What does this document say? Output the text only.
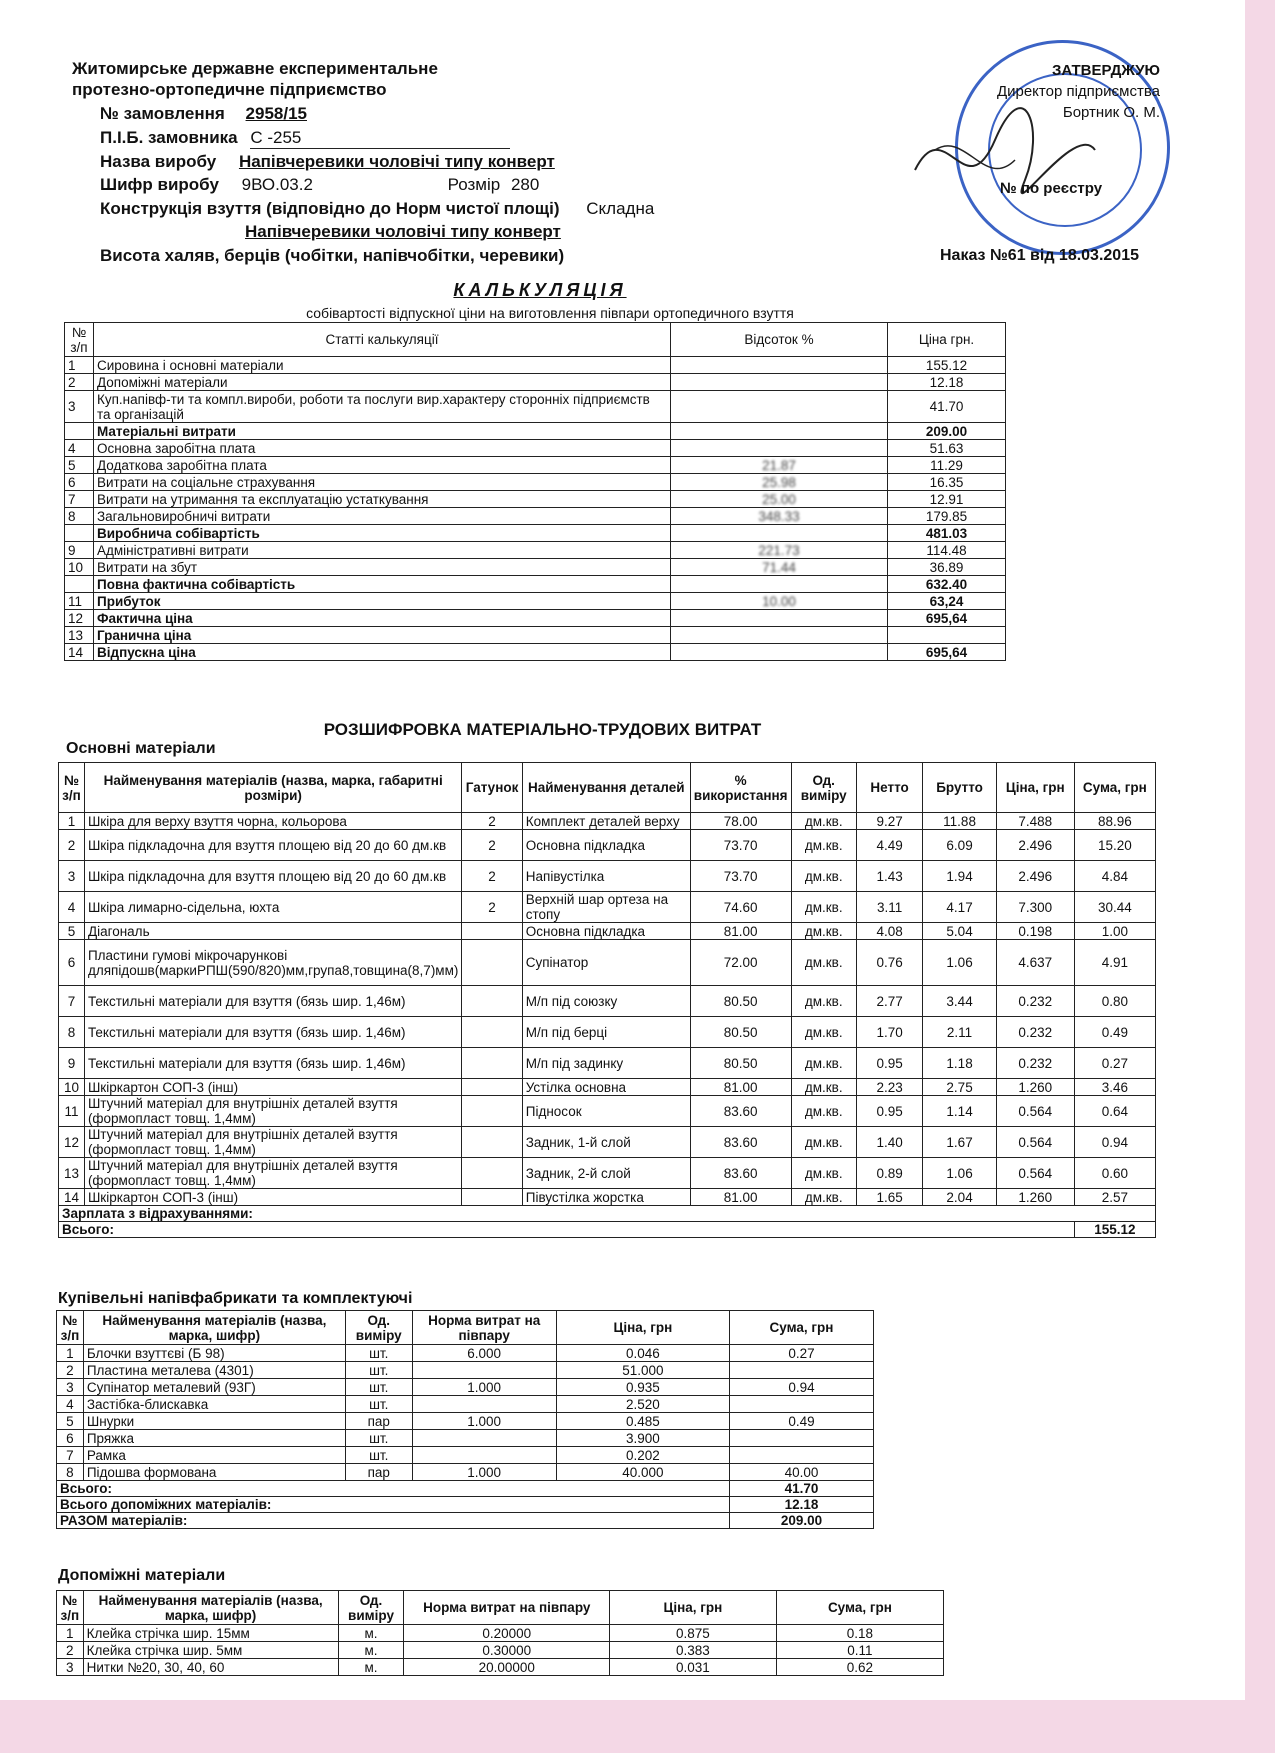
Житомирське державне експериментальне
протезно-ортопедичне підприємство
ЗАТВЕРДЖУЮ
Директор підприємства
Бортник О. М.
№ по реєстру
Наказ №61 від 18.03.2015
№ замовлення 2958/15
П.І.Б. замовника С -255
Назва виробу Напівчеревики чоловічі типу конверт
Шифр виробу 9ВО.03.2	Розмір 280
Конструкція взуття (відповідно до Норм чистої площі) Складна
Напівчеревики чоловічі типу конверт
Висота халяв, берців (чобітки, напівчобітки, черевики)
КАЛЬКУЛЯЦІЯ
собівартості відпускної ціни на виготовлення півпари ортопедичного взуття
№ з/п	Статті калькуляції	Відсоток %	Ціна грн.
1	Сировина і основні матеріали		155.12
2	Допоміжні матеріали		12.18
3	Куп.напівф-ти та компл.вироби, роботи та послуги вир.характеру сторонніх підприємств та організацій		41.70
	Матеріальні витрати		209.00
4	Основна заробітна плата		51.63
5	Додаткова заробітна плата	21.87	11.29
6	Витрати на соціальне страхування	25.98	16.35
7	Витрати на утримання та експлуатацію устаткування	25.00	12.91
8	Загальновиробничі витрати	348.33	179.85
	Виробнича собівартість		481.03
9	Адміністративні витрати	221.73	114.48
10	Витрати на збут	71.44	36.89
	Повна фактична собівартість		632.40
11	Прибуток	10.00	63,24
12	Фактична ціна		695,64
13	Гранична ціна		
14	Відпускна ціна		695,64
РОЗШИФРОВКА МАТЕРІАЛЬНО-ТРУДОВИХ ВИТРАТ
Основні матеріали
№ з/п	Найменування матеріалів (назва, марка, габаритні розміри)	Гатунок	Найменування деталей	% використання	Од. виміру	Нетто	Брутто	Ціна, грн	Сума, грн
1	Шкіра для верху взуття чорна, кольорова	2	Комплект деталей верху	78.00	дм.кв.	9.27	11.88	7.488	88.96
2	Шкіра підкладочна для взуття площею від 20 до 60 дм.кв	2	Основна підкладка	73.70	дм.кв.	4.49	6.09	2.496	15.20
3	Шкіра підкладочна для взуття площею від 20 до 60 дм.кв	2	Напівустілка	73.70	дм.кв.	1.43	1.94	2.496	4.84
4	Шкіра лимарно-сідельна, юхта	2	Верхній шар ортеза на стопу	74.60	дм.кв.	3.11	4.17	7.300	30.44
5	Діагональ		Основна підкладка	81.00	дм.кв.	4.08	5.04	0.198	1.00
6	Пластини гумові мікрочарункові дляпідошв(маркиРПШ(590/820)мм,група8,товщина(8,7)мм)		Супінатор	72.00	дм.кв.	0.76	1.06	4.637	4.91
7	Текстильні матеріали для взуття (бязь шир. 1,46м)		М/п під союзку	80.50	дм.кв.	2.77	3.44	0.232	0.80
8	Текстильні матеріали для взуття (бязь шир. 1,46м)		М/п під берці	80.50	дм.кв.	1.70	2.11	0.232	0.49
9	Текстильні матеріали для взуття (бязь шир. 1,46м)		М/п під задинку	80.50	дм.кв.	0.95	1.18	0.232	0.27
10	Шкіркартон СОП-3 (інш)		Устілка основна	81.00	дм.кв.	2.23	2.75	1.260	3.46
11	Штучний матеріал для внутрішніх деталей взуття (формопласт товщ. 1,4мм)		Підносок	83.60	дм.кв.	0.95	1.14	0.564	0.64
12	Штучний матеріал для внутрішніх деталей взуття (формопласт товщ. 1,4мм)		Задник, 1-й слой	83.60	дм.кв.	1.40	1.67	0.564	0.94
13	Штучний матеріал для внутрішніх деталей взуття (формопласт товщ. 1,4мм)		Задник, 2-й слой	83.60	дм.кв.	0.89	1.06	0.564	0.60
14	Шкіркартон СОП-3 (інш)		Півустілка жорстка	81.00	дм.кв.	1.65	2.04	1.260	2.57
Зарплата з відрахуваннями:									
Всього:									155.12
Купівельні напівфабрикати та комплектуючі
№ з/п	Найменування матеріалів (назва, марка, шифр)	Од. виміру	Норма витрат на півпару	Ціна, грн	Сума, грн
1	Блочки взуттєві (Б 98)	шт.	6.000	0.046	0.27
2	Пластина металева (4301)	шт.		51.000	
3	Супінатор металевий (93Г)	шт.	1.000	0.935	0.94
4	Застібка-блискавка	шт.		2.520	
5	Шнурки	пар	1.000	0.485	0.49
6	Пряжка	шт.		3.900	
7	Рамка	шт.		0.202	
8	Підошва формована	пар	1.000	40.000	40.00
Всього:					41.70
Всього допоміжних матеріалів:					12.18
РАЗОМ матеріалів:					209.00
Допоміжні матеріали
№ з/п	Найменування матеріалів (назва, марка, шифр)	Од. виміру	Норма витрат на півпару	Ціна, грн	Сума, грн
1	Клейка стрічка шир. 15мм	м.	0.20000	0.875	0.18
2	Клейка стрічка шир. 5мм	м.	0.30000	0.383	0.11
3	Нитки №20, 30, 40, 60	м.	20.00000	0.031	0.62
